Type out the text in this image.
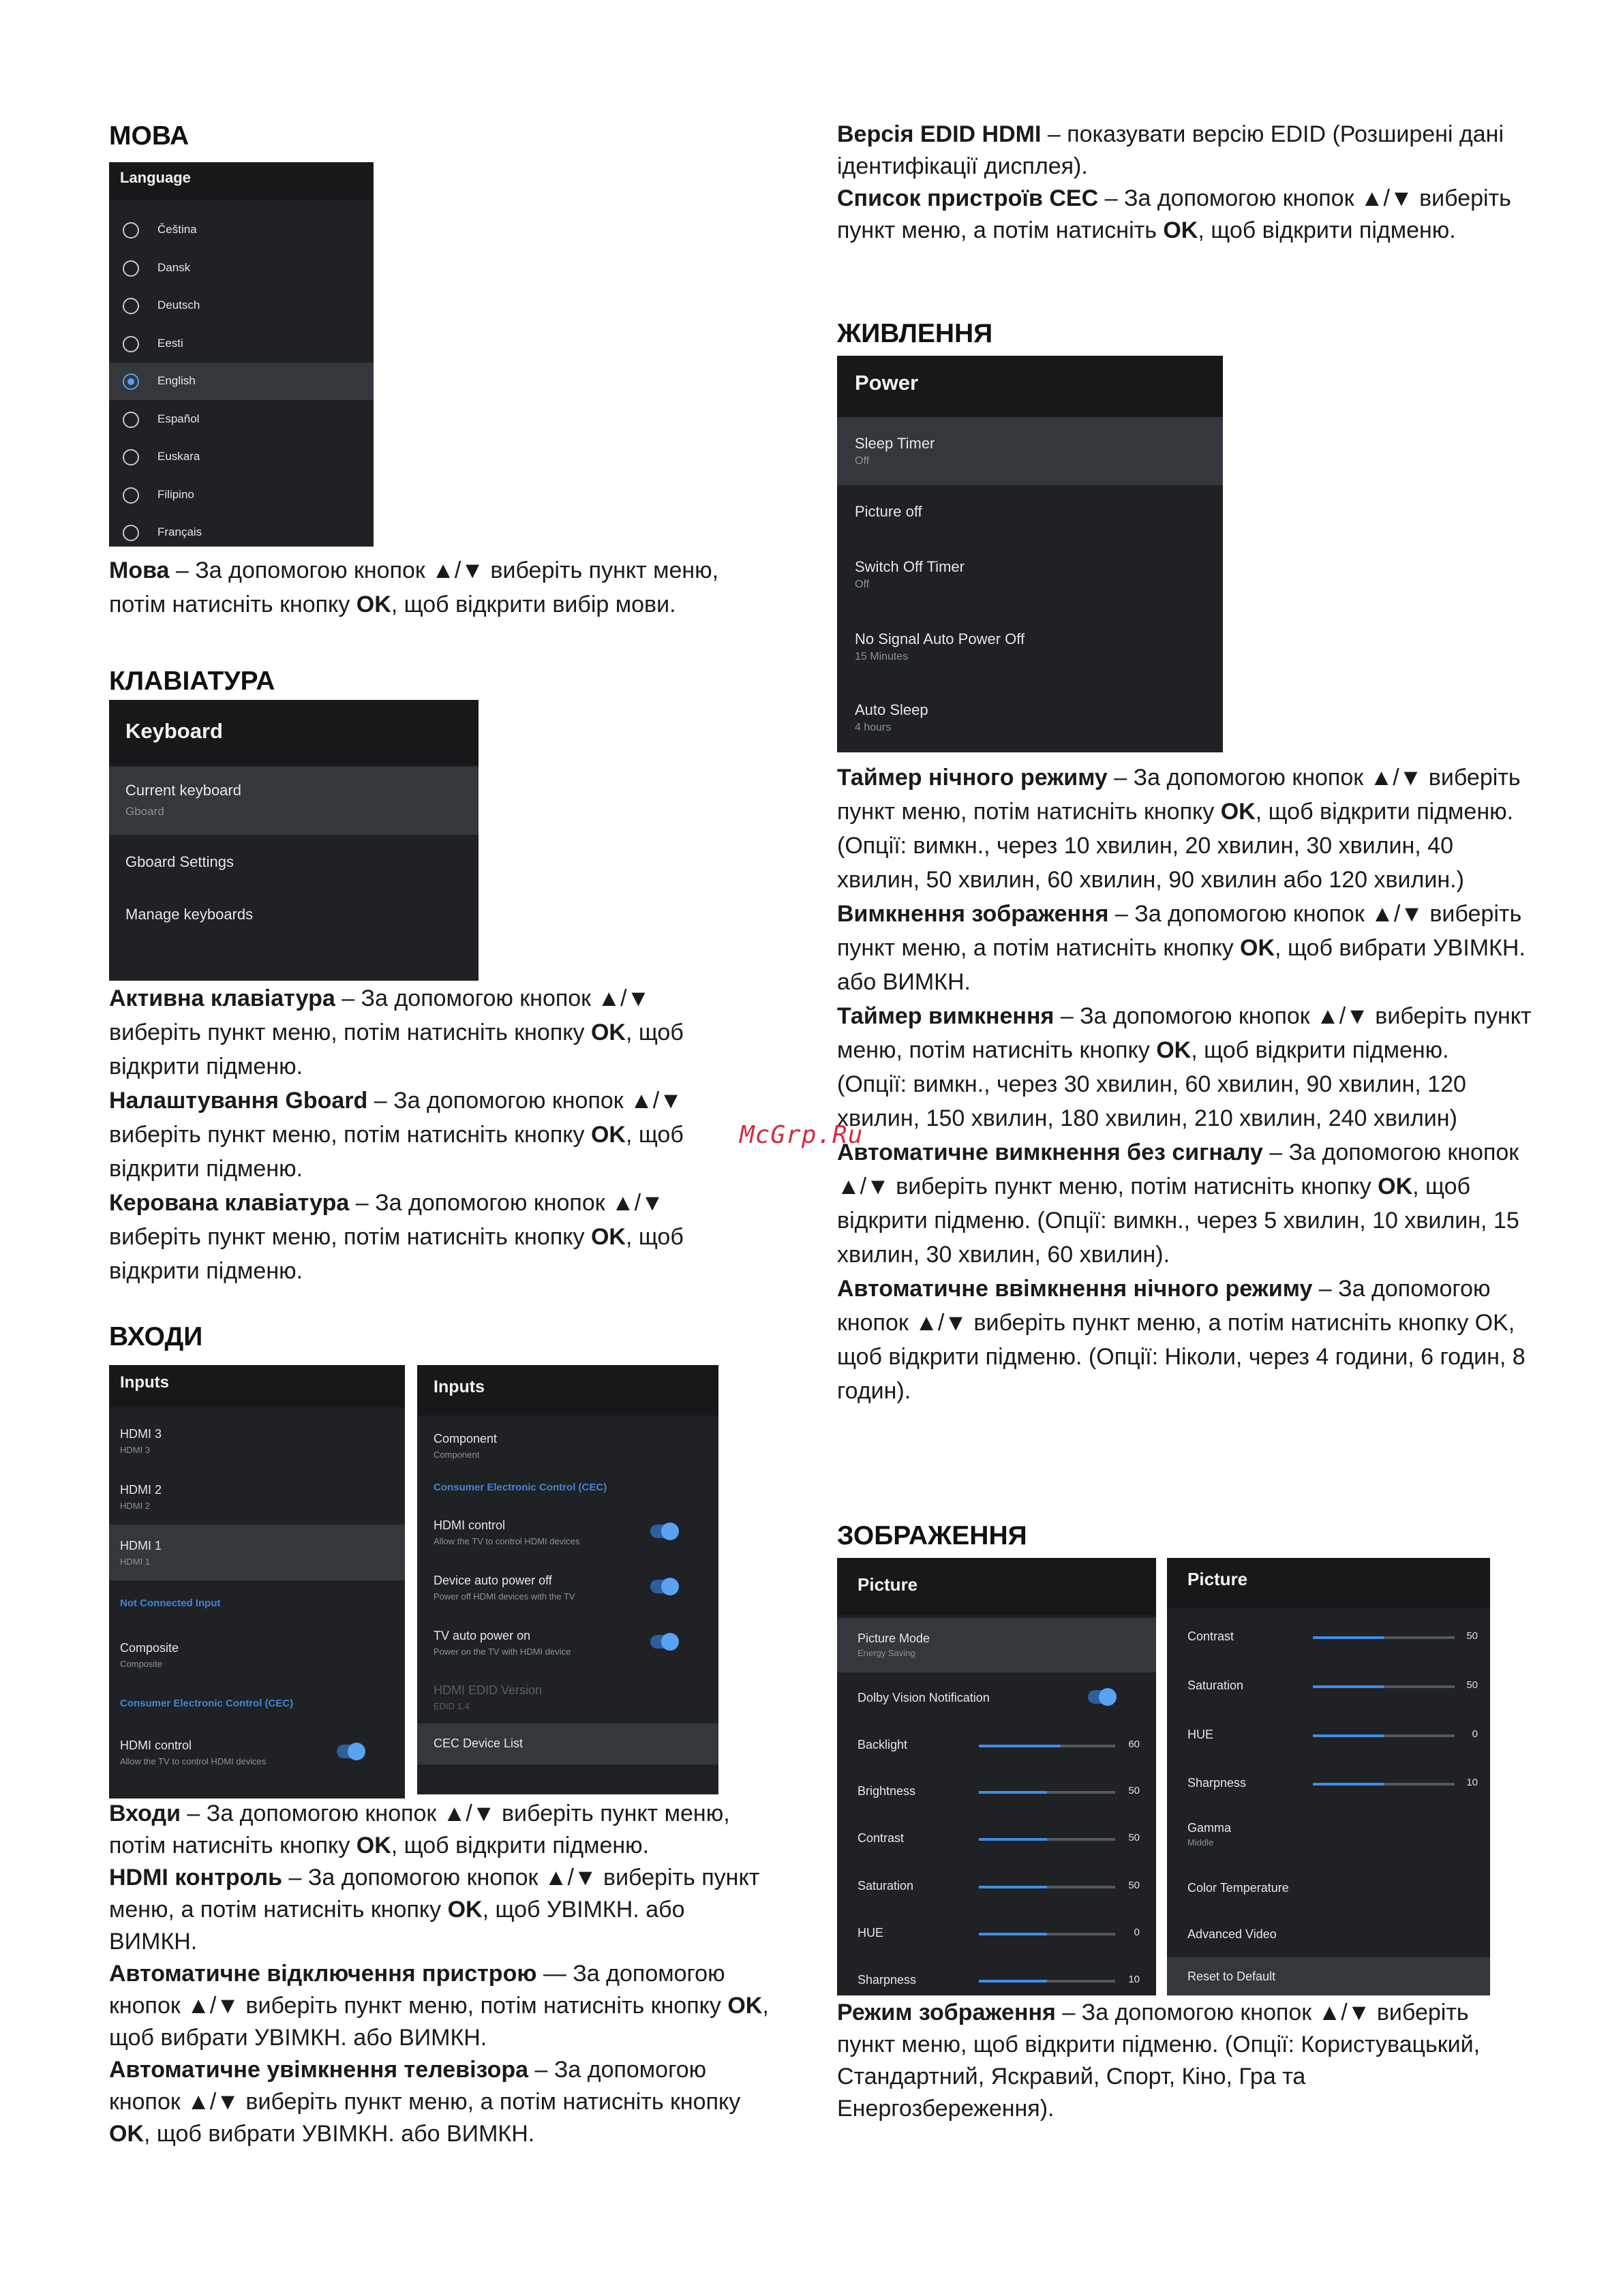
МОВА
Language
Čeština
Dansk
Deutsch
Eesti
English
Español
Euskara
Filipino
Français

Мова – За допомогою кнопок ▲/▼ виберіть пункт меню, потім натисніть кнопку OK, щоб відкрити вибір мови.

КЛАВІАТУРА
Keyboard
Current keyboard
Gboard
Gboard Settings
Manage keyboards

Активна клавіатура – За допомогою кнопок ▲/▼ виберіть пункт меню, потім натисніть кнопку OK, щоб відкрити підменю.

Налаштування Gboard – За допомогою кнопок ▲/▼ виберіть пункт меню, потім натисніть кнопку OK, щоб відкрити підменю.

Керована клавіатура – За допомогою кнопок ▲/▼ виберіть пункт меню, потім натисніть кнопку OK, щоб відкрити підменю.

ВХОДИ
Inputs
HDMI 3
HDMI 3
HDMI 2
HDMI 2
HDMI 1
HDMI 1
Not Connected Input
Composite
Composite
Consumer Electronic Control (CEC)
HDMI control
Allow the TV to control HDMI devices
Inputs
Component
Component
Consumer Electronic Control (CEC)
HDMI control
Allow the TV to control HDMI devices
Device auto power off
Power off HDMI devices with the TV
TV auto power on
Power on the TV with HDMI device
HDMI EDID Version
EDID 1.4
CEC Device List

Входи – За допомогою кнопок ▲/▼ виберіть пункт меню, потім натисніть кнопку OK, щоб відкрити підменю.

HDMI контроль – За допомогою кнопок ▲/▼ виберіть пункт меню, а потім натисніть кнопку OK, щоб УВІМКН. або ВИМКН.

Автоматичне відключення пристрою — За допомогою кнопок ▲/▼ виберіть пункт меню, потім натисніть кнопку OK, щоб вибрати УВІМКН. або ВИМКН.

Автоматичне увімкнення телевізора – За допомогою кнопок ▲/▼ виберіть пункт меню, а потім натисніть кнопку OK, щоб вибрати УВІМКН. або ВИМКН.

Версія EDID HDMI – показувати версію EDID (Розширені дані ідентифікації дисплея).

Список пристроїв CEC – За допомогою кнопок ▲/▼ виберіть пункт меню, а потім натисніть OK, щоб відкрити підменю.

ЖИВЛЕННЯ
Power
Sleep Timer
Off
Picture off
Switch Off Timer
Off
No Signal Auto Power Off
15 Minutes
Auto Sleep
4 hours

Таймер нічного режиму – За допомогою кнопок ▲/▼ виберіть пункт меню, потім натисніть кнопку OK, щоб відкрити підменю.

(Опції: вимкн., через 10 хвилин, 20 хвилин, 30 хвилин, 40 хвилин, 50 хвилин, 60 хвилин, 90 хвилин або 120 хвилин.)

Вимкнення зображення – За допомогою кнопок ▲/▼ виберіть пункт меню, а потім натисніть кнопку OK, щоб вибрати УВІМКН. або ВИМКН.

Таймер вимкнення – За допомогою кнопок ▲/▼ виберіть пункт меню, потім натисніть кнопку OK, щоб відкрити підменю.

(Опції: вимкн., через 30 хвилин, 60 хвилин, 90 хвилин, 120 хвилин, 150 хвилин, 180 хвилин, 210 хвилин, 240 хвилин)

Автоматичне вимкнення без сигналу – За допомогою кнопок ▲/▼ виберіть пункт меню, потім натисніть кнопку OK, щоб відкрити підменю. (Опції: вимкн., через 5 хвилин, 10 хвилин, 15 хвилин, 30 хвилин, 60 хвилин).

Автоматичне ввімкнення нічного режиму – За допомогою кнопок ▲/▼ виберіть пункт меню, а потім натисніть кнопку OK, щоб відкрити підменю. (Опції: Ніколи, через 4 години, 6 годин, 8 годин).

ЗОБРАЖЕННЯ
Picture
Picture Mode
Energy Saving
Dolby Vision Notification
Backlight	60
Brightness	50
Contrast	50
Saturation	50
HUE	0
Sharpness	10
Picture
Contrast	50
Saturation	50
HUE	0
Sharpness	10
Gamma
Middle
Color Temperature
Advanced Video
Reset to Default

Режим зображення – За допомогою кнопок ▲/▼ виберіть пункт меню, щоб відкрити підменю. (Опції: Користувацький, Стандартний, Яскравий, Спорт, Кіно, Гра та Енергозбереження).

McGrp.Ru
